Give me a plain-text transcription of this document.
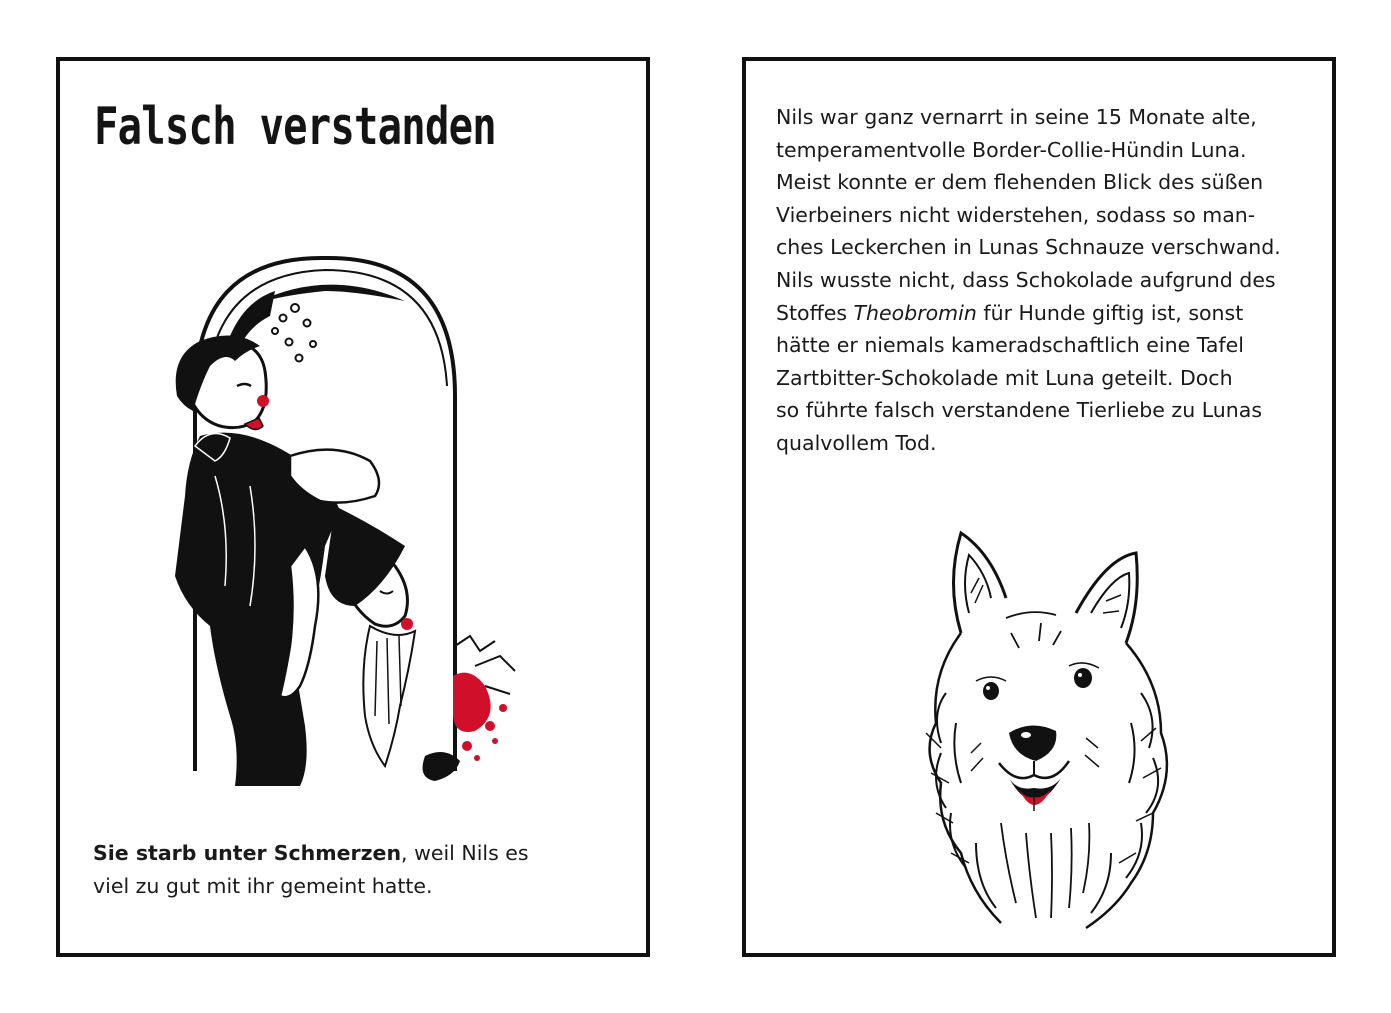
Falsch verstanden

Sie starb unter Schmerzen, weil Nils es viel zu gut mit ihr gemeint hatte.

Nils war ganz vernarrt in seine 15 Monate alte,
temperamentvolle Border-Collie-Hündin Luna.
Meist konnte er dem flehenden Blick des süßen
Vierbeiners nicht widerstehen, sodass so man-
ches Leckerchen in Lunas Schnauze verschwand.
Nils wusste nicht, dass Schokolade aufgrund des
Stoffes Theobromin für Hunde giftig ist, sonst
hätte er niemals kameradschaftlich eine Tafel
Zartbitter-Schokolade mit Luna geteilt. Doch
so führte falsch verstandene Tierliebe zu Lunas
qualvollem Tod.
